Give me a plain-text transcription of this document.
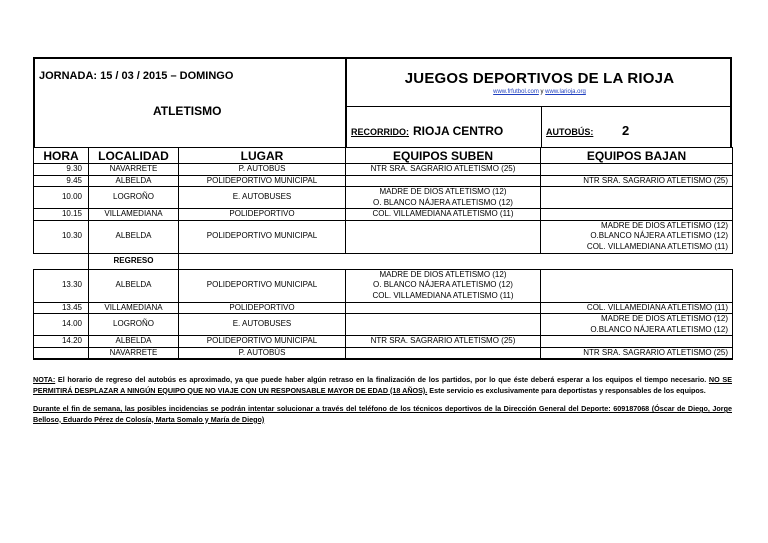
JORNADA: 15 / 03 / 2015 – DOMINGO
ATLETISMO
JUEGOS DEPORTIVOS DE LA RIOJA
www.frfutbol.com y www.larioja.org
RECORRIDO: RIOJA CENTRO	AUTOBÚS: 2
HORA	LOCALIDAD	LUGAR	EQUIPOS SUBEN	EQUIPOS BAJAN
9.30	NAVARRETE	P. AUTOBÚS	NTR SRA. SAGRARIO ATLETISMO (25)	
9.45	ALBELDA	POLIDEPORTIVO MUNICIPAL		NTR SRA. SAGRARIO ATLETISMO (25)
10.00	LOGROÑO	E. AUTOBUSES	MADRE DE DIOS ATLETISMO (12)
O. BLANCO NÁJERA ATLETISMO (12)	

10.15	VILLAMEDIANA	POLIDEPORTIVO	COL. VILLAMEDIANA ATLETISMO (11)	
10.30	ALBELDA	POLIDEPORTIVO MUNICIPAL		MADRE DE DIOS ATLETISMO (12)
O.BLANCO NÁJERA ATLETISMO (12)
COL. VILLAMEDIANA ATLETISMO (11)

	REGRESO			
13.30	ALBELDA	POLIDEPORTIVO MUNICIPAL	MADRE DE DIOS ATLETISMO (12)
O. BLANCO NÁJERA ATLETISMO (12)
COL. VILLAMEDIANA ATLETISMO (11)	

13.45	VILLAMEDIANA	POLIDEPORTIVO		COL. VILLAMEDIANA ATLETISMO (11)
14.00	LOGROÑO	E. AUTOBUSES		MADRE DE DIOS ATLETISMO (12)
O.BLANCO NÁJERA ATLETISMO (12)

14.20	ALBELDA	POLIDEPORTIVO MUNICIPAL	NTR SRA. SAGRARIO ATLETISMO (25)	
	NAVARRETE	P. AUTOBÚS		NTR SRA. SAGRARIO ATLETISMO (25)

NOTA: El horario de regreso del autobús es aproximado, ya que puede haber algún retraso en la finalización de los partidos, por lo que éste deberá esperar a los equipos el tiempo necesario. NO SE PERMITIRÁ DESPLAZAR A NINGÚN EQUIPO QUE NO VIAJE CON UN RESPONSABLE MAYOR DE EDAD (18 AÑOS). Este servicio es exclusivamente para deportistas y responsables de los equipos.

Durante el fin de semana, las posibles incidencias se podrán intentar solucionar a través del teléfono de los técnicos deportivos de la Dirección General del Deporte: 609187068 (Óscar de Diego, Jorge Belloso, Eduardo Pérez de Colosía, Marta Somalo y María de Diego)
